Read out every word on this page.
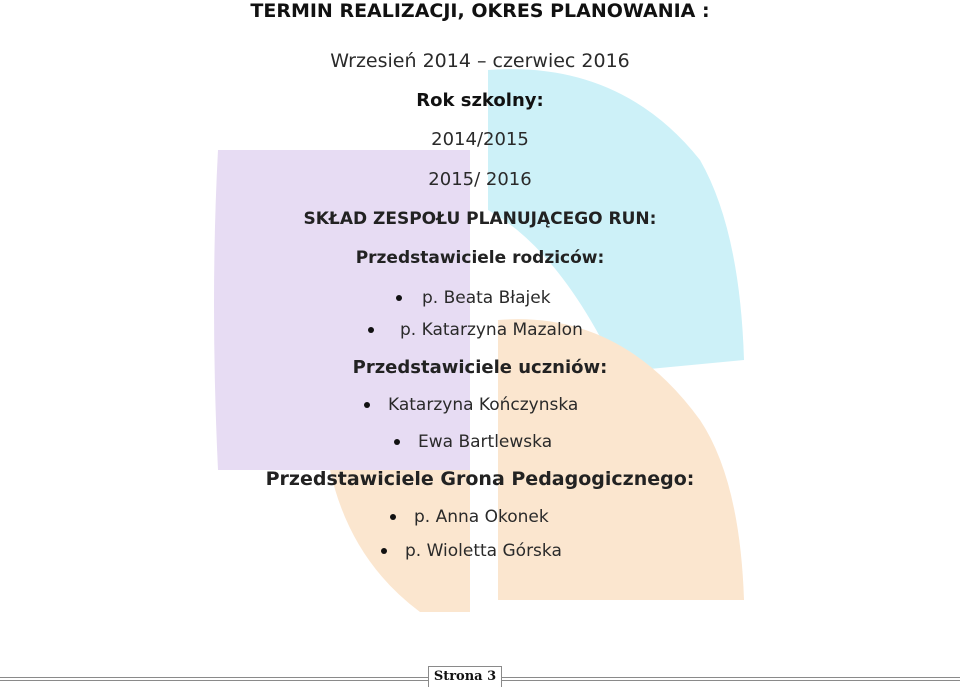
TERMIN REALIZACJI, OKRES PLANOWANIA :
Wrzesień 2014 – czerwiec 2016
Rok szkolny:
2014/2015
2015/ 2016
SKŁAD ZESPOŁU PLANUJĄCEGO RUN:
Przedstawiciele rodziców:
p. Beata Błajek
p. Katarzyna Mazalon
Przedstawiciele uczniów:
Katarzyna Kończynska
Ewa Bartlewska
Przedstawiciele Grona Pedagogicznego:
p. Anna Okonek
p. Wioletta Górska
Strona 3
